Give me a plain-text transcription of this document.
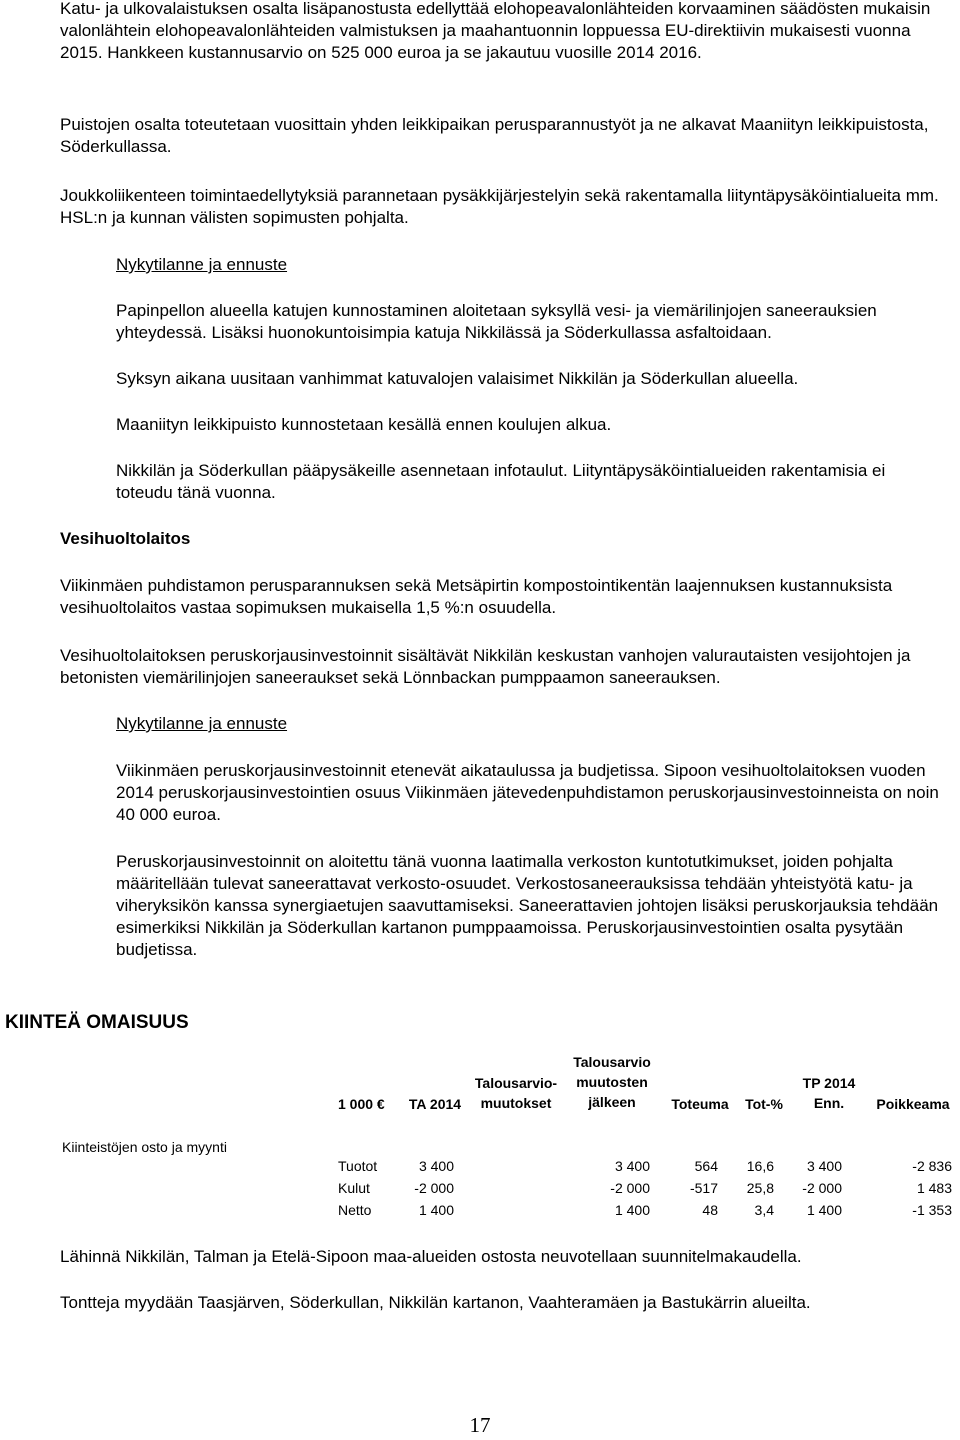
Katu- ja ulkovalaistuksen osalta lisäpanostusta edellyttää elohopeavalonlähteiden korvaaminen säädösten mukaisin valonlähtein elohopeavalonlähteiden valmistuksen ja maahantuonnin loppuessa EU-direktiivin mukaisesti vuonna 2015. Hankkeen kustannusarvio on 525 000 euroa ja se jakautuu vuosille 2014 2016.

Puistojen osalta toteutetaan vuosittain yhden leikkipaikan perusparannustyöt ja ne alkavat Maaniityn leikkipuistosta, Söderkullassa.

Joukkoliikenteen toimintaedellytyksiä parannetaan pysäkkijärjestelyin sekä rakentamalla liityntäpysäköintialueita mm. HSL:n ja kunnan välisten sopimusten pohjalta.

Nykytilanne ja ennuste

Papinpellon alueella katujen kunnostaminen aloitetaan syksyllä vesi- ja viemärilinjojen saneerauksien yhteydessä. Lisäksi huonokuntoisimpia katuja Nikkilässä ja Söderkullassa asfaltoidaan.

Syksyn aikana uusitaan vanhimmat katuvalojen valaisimet Nikkilän ja Söderkullan alueella.

Maaniityn leikkipuisto kunnostetaan kesällä ennen koulujen alkua.

Nikkilän ja Söderkullan pääpysäkeille asennetaan infotaulut. Liityntäpysäköintialueiden rakentamisia ei toteudu tänä vuonna.

Vesihuoltolaitos

Viikinmäen puhdistamon perusparannuksen sekä Metsäpirtin kompostointikentän laajennuksen kustannuksista vesihuoltolaitos vastaa sopimuksen mukaisella 1,5 %:n osuudella.

Vesihuoltolaitoksen peruskorjausinvestoinnit sisältävät Nikkilän keskustan vanhojen valurautaisten vesijohtojen ja betonisten viemärilinjojen saneeraukset sekä Lönnbackan pumppaamon saneerauksen.

Nykytilanne ja ennuste

Viikinmäen peruskorjausinvestoinnit etenevät aikataulussa ja budjetissa. Sipoon vesihuoltolaitoksen vuoden 2014 peruskorjausinvestointien osuus Viikinmäen jätevedenpuhdistamon peruskorjausinvestoinneista on noin 40 000 euroa.

Peruskorjausinvestoinnit on aloitettu tänä vuonna laatimalla verkoston kuntotutkimukset, joiden pohjalta määritellään tulevat saneerattavat verkosto-osuudet. Verkostosaneerauksissa tehdään yhteistyötä katu- ja viheryksikön kanssa synergiaetujen saavuttamiseksi. Saneerattavien johtojen lisäksi peruskorjauksia tehdään esimerkiksi Nikkilän ja Söderkullan kartanon pumppaamoissa. Peruskorjausinvestointien osalta pysytään budjetissa.

KIINTEÄ OMAISUUS
1 000 €	TA 2014
Talousarvio-
muutokset
Talousarvio
muutosten
jälkeen	Toteuma	Tot-%
TP 2014
Enn.	Poikkeama
Kiinteistöjen osto ja myynti
Tuotot	3 400		3 400	564	16,6	3 400	-2 836
Kulut	-2 000		-2 000	-517	25,8	-2 000	1 483
Netto	1 400		1 400	48	3,4	1 400	-1 353

Lähinnä Nikkilän, Talman ja Etelä-Sipoon maa-alueiden ostosta neuvotellaan suunnitelmakaudella.

Tontteja myydään Taasjärven, Söderkullan, Nikkilän kartanon, Vaahteramäen ja Bastukärrin alueilta.

17
